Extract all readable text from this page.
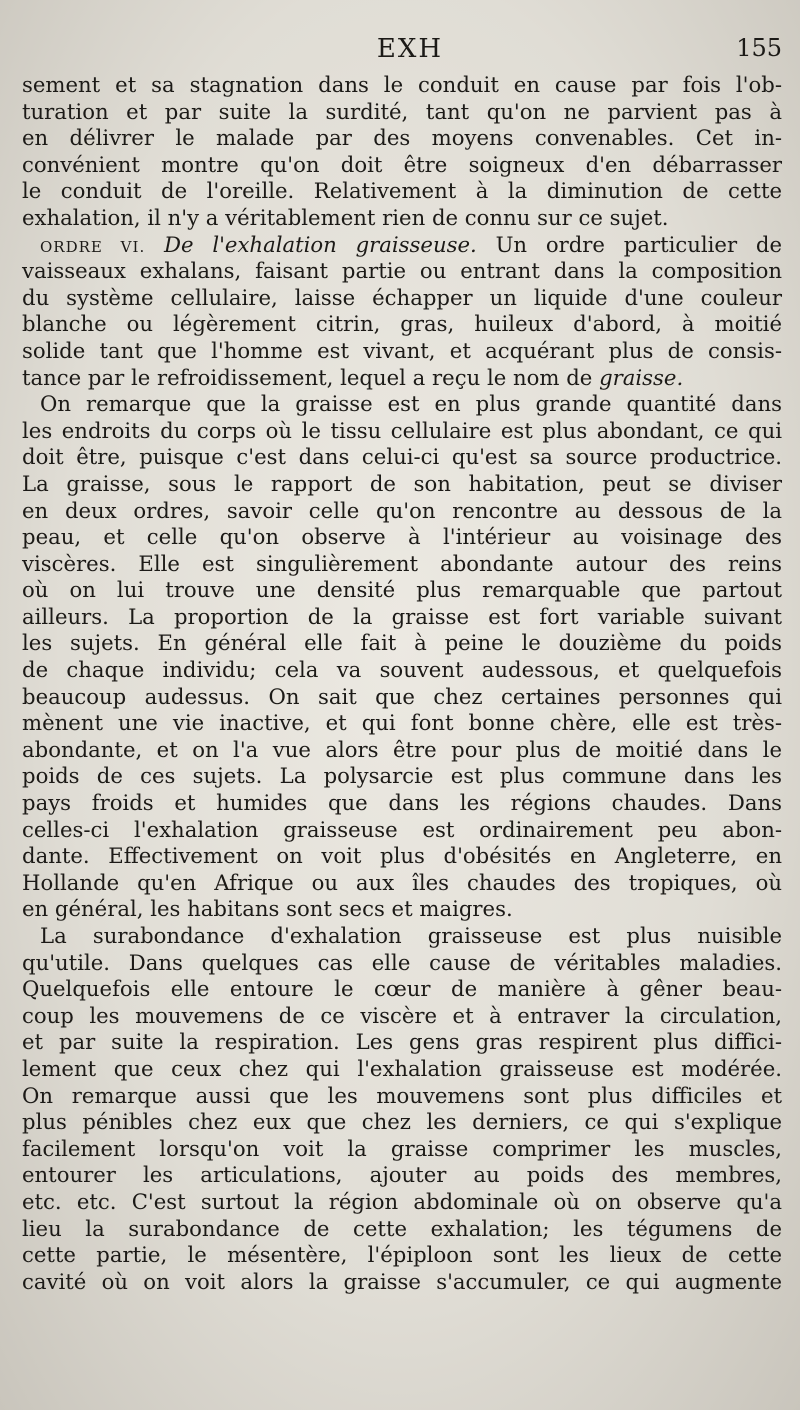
EXH	155
sement et sa stagnation dans le conduit en cause par fois l'ob-
turation et par suite la surdité, tant qu'on ne parvient pas à
en délivrer le malade par des moyens convenables. Cet in-
convénient montre qu'on doit être soigneux d'en débarrasser
le conduit de l'oreille. Relativement à la diminution de cette
exhalation, il n'y a véritablement rien de connu sur ce sujet.
ORDRE VI. De l'exhalation graisseuse. Un ordre particulier de
vaisseaux exhalans, faisant partie ou entrant dans la composition
du système cellulaire, laisse échapper un liquide d'une couleur
blanche ou légèrement citrin, gras, huileux d'abord, à moitié
solide tant que l'homme est vivant, et acquérant plus de consis-
tance par le refroidissement, lequel a reçu le nom de graisse.
On remarque que la graisse est en plus grande quantité dans
les endroits du corps où le tissu cellulaire est plus abondant, ce qui
doit être, puisque c'est dans celui-ci qu'est sa source productrice.
La graisse, sous le rapport de son habitation, peut se diviser
en deux ordres, savoir celle qu'on rencontre au dessous de la
peau, et celle qu'on observe à l'intérieur au voisinage des
viscères. Elle est singulièrement abondante autour des reins
où on lui trouve une densité plus remarquable que partout
ailleurs. La proportion de la graisse est fort variable suivant
les sujets. En général elle fait à peine le douzième du poids
de chaque individu; cela va souvent audessous, et quelquefois
beaucoup audessus. On sait que chez certaines personnes qui
mènent une vie inactive, et qui font bonne chère, elle est très-
abondante, et on l'a vue alors être pour plus de moitié dans le
poids de ces sujets. La polysarcie est plus commune dans les
pays froids et humides que dans les régions chaudes. Dans
celles-ci l'exhalation graisseuse est ordinairement peu abon-
dante. Effectivement on voit plus d'obésités en Angleterre, en
Hollande qu'en Afrique ou aux îles chaudes des tropiques, où
en général, les habitans sont secs et maigres.
La surabondance d'exhalation graisseuse est plus nuisible
qu'utile. Dans quelques cas elle cause de véritables maladies.
Quelquefois elle entoure le cœur de manière à gêner beau-
coup les mouvemens de ce viscère et à entraver la circulation,
et par suite la respiration. Les gens gras respirent plus diffici-
lement que ceux chez qui l'exhalation graisseuse est modérée.
On remarque aussi que les mouvemens sont plus difficiles et
plus pénibles chez eux que chez les derniers, ce qui s'explique
facilement lorsqu'on voit la graisse comprimer les muscles,
entourer les articulations, ajouter au poids des membres,
etc. etc. C'est surtout la région abdominale où on observe qu'a
lieu la surabondance de cette exhalation; les tégumens de
cette partie, le mésentère, l'épiploon sont les lieux de cette
cavité où on voit alors la graisse s'accumuler, ce qui augmente
